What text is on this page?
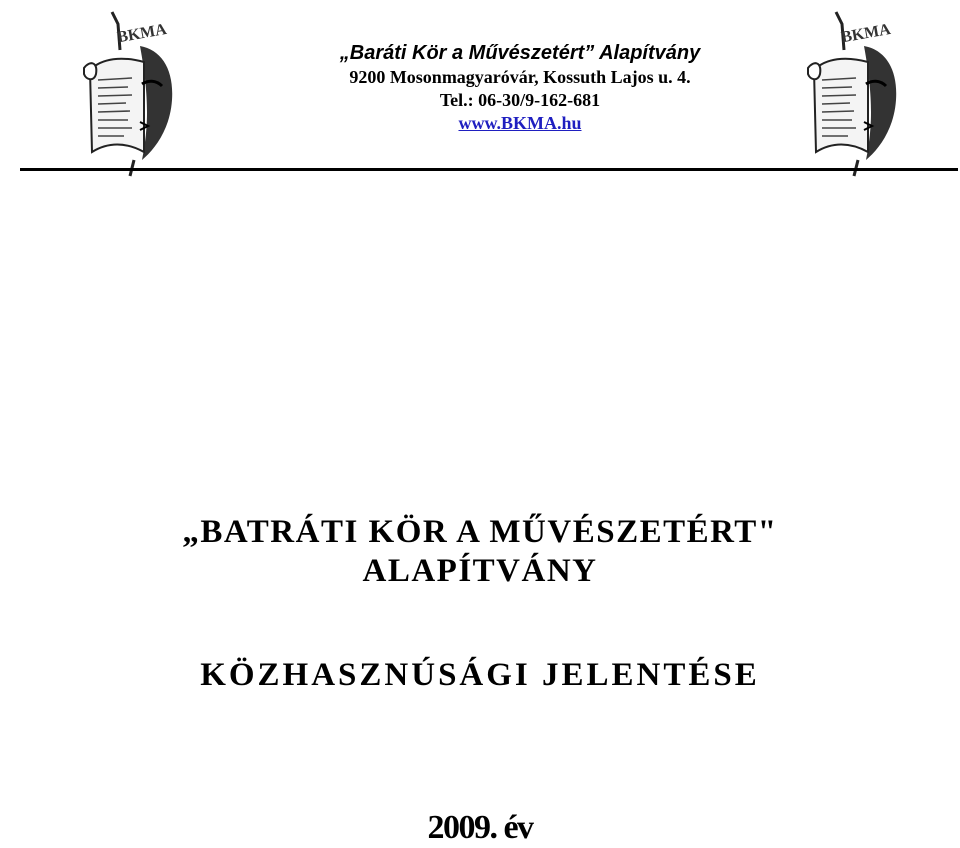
BKMA	BKMA
„Baráti Kör a Művészetért” Alapítvány
9200 Mosonmagyaróvár, Kossuth Lajos u. 4.
Tel.: 06-30/9-162-681
www.BKMA.hu
„BATRÁTI KÖR A MŰVÉSZETÉRT"
ALAPÍTVÁNY
KÖZHASZNÚSÁGI JELENTÉSE
2009. év
